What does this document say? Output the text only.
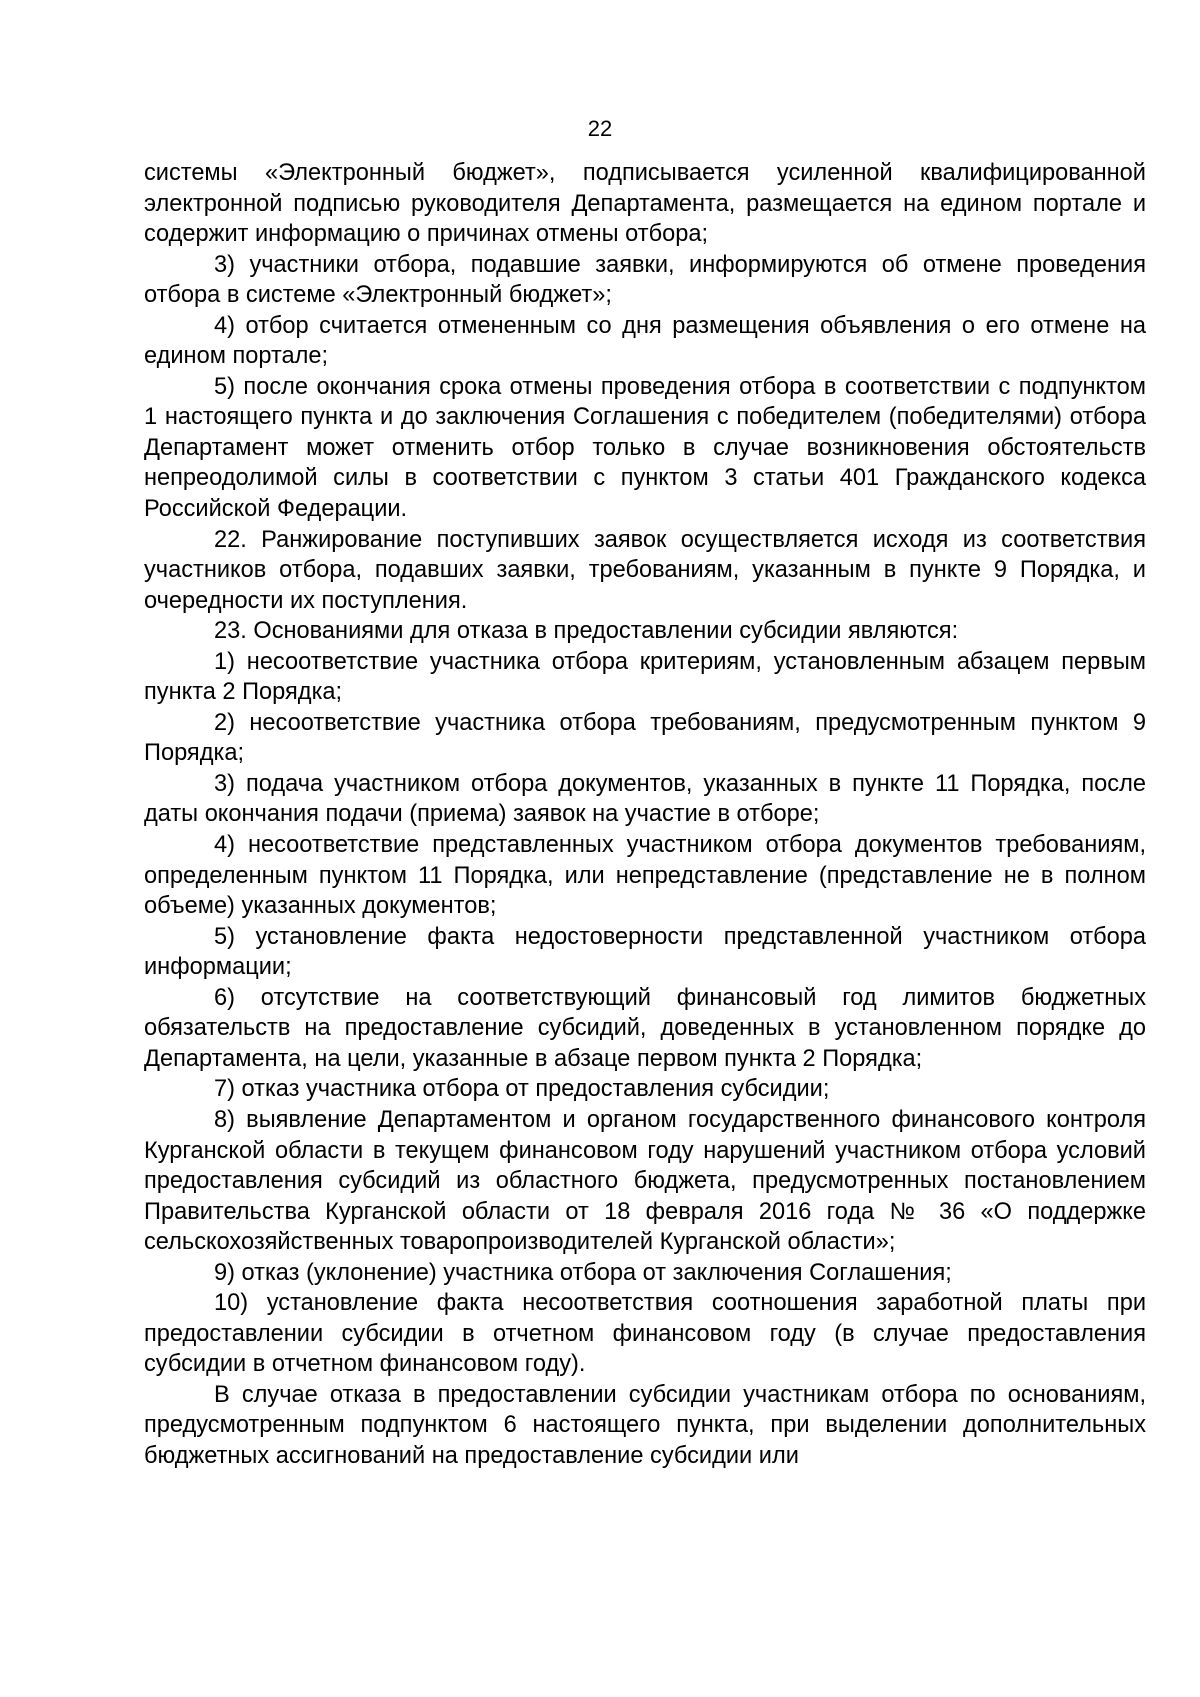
22

системы «Электронный бюджет», подписывается усиленной квалифицированной электронной подписью руководителя Департамента, размещается на едином портале и содержит информацию о причинах отмены отбора;

3) участники отбора, подавшие заявки, информируются об отмене проведения отбора в системе «Электронный бюджет»;

4) отбор считается отмененным со дня размещения объявления о его отмене на едином портале;

5) после окончания срока отмены проведения отбора в соответствии с подпунктом 1 настоящего пункта и до заключения Соглашения с победителем (победителями) отбора Департамент может отменить отбор только в случае возникновения обстоятельств непреодолимой силы в соответствии с пунктом 3 статьи 401 Гражданского кодекса Российской Федерации.

22. Ранжирование поступивших заявок осуществляется исходя из соответствия участников отбора, подавших заявки, требованиям, указанным в пункте 9 Порядка, и очередности их поступления.

23. Основаниями для отказа в предоставлении субсидии являются:

1) несоответствие участника отбора критериям, установленным абзацем первым пункта 2 Порядка;

2) несоответствие участника отбора требованиям, предусмотренным пунктом 9 Порядка;

3) подача участником отбора документов, указанных в пункте 11 Порядка, после даты окончания подачи (приема) заявок на участие в отборе;

4) несоответствие представленных участником отбора документов требованиям, определенным пунктом 11 Порядка, или непредставление (представление не в полном объеме) указанных документов;

5) установление факта недостоверности представленной участником отбора информации;

6) отсутствие на соответствующий финансовый год лимитов бюджетных обязательств на предоставление субсидий, доведенных в установленном порядке до Департамента, на цели, указанные в абзаце первом пункта 2 Порядка;

7) отказ участника отбора от предоставления субсидии;

8) выявление Департаментом и органом государственного финансового контроля Курганской области в текущем финансовом году нарушений участником отбора условий предоставления субсидий из областного бюджета, предусмотренных постановлением Правительства Курганской области от 18 февраля 2016 года № 36 «О поддержке сельскохозяйственных товаропроизводителей Курганской области»;

9) отказ (уклонение) участника отбора от заключения Соглашения;

10) установление факта несоответствия соотношения заработной платы при предоставлении субсидии в отчетном финансовом году (в случае предоставления субсидии в отчетном финансовом году).

В случае отказа в предоставлении субсидии участникам отбора по основаниям, предусмотренным подпунктом 6 настоящего пункта, при выделении дополнительных бюджетных ассигнований на предоставление субсидии или
